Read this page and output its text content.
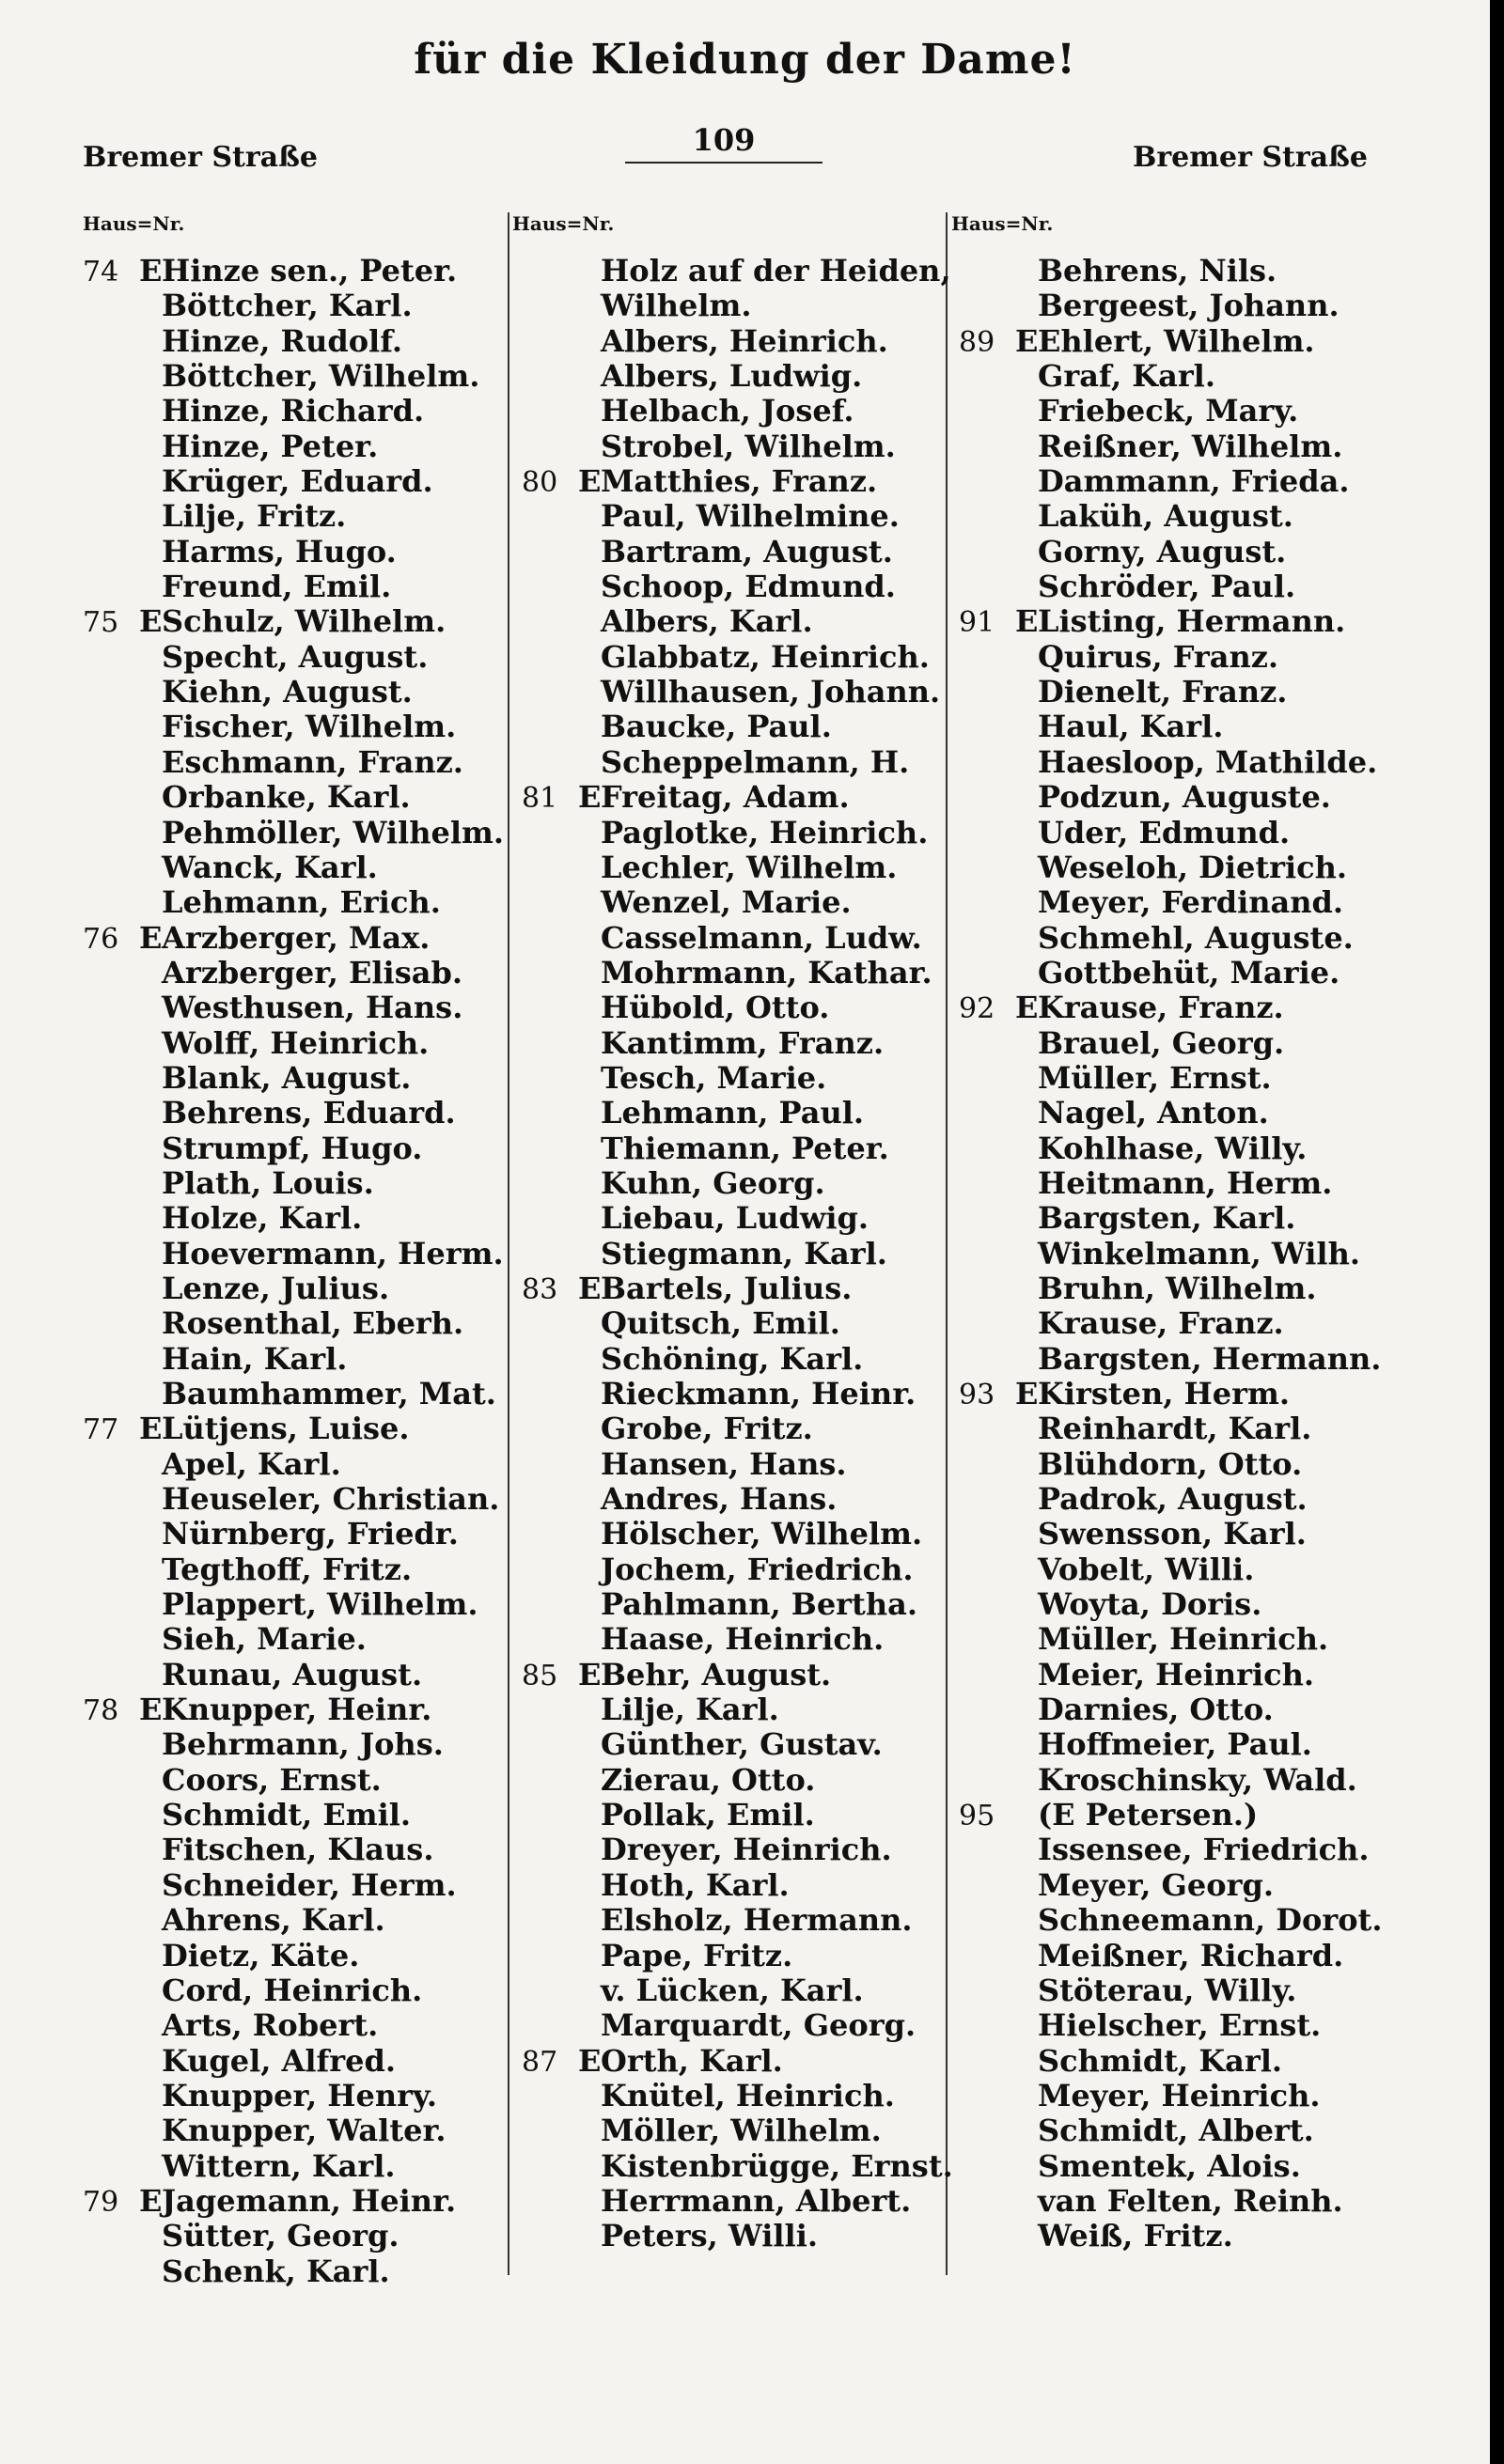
für die Kleidung der Dame!
Bremer Straße	109	Bremer Straße
Haus=Nr.	Haus=Nr.	Haus=Nr.
74 E Hinze sen., Peter.
Böttcher, Karl.
Hinze, Rudolf.
Böttcher, Wilhelm.
Hinze, Richard.
Hinze, Peter.
Krüger, Eduard.
Lilje, Fritz.
Harms, Hugo.
Freund, Emil.
75 E Schulz, Wilhelm.
Specht, August.
Kiehn, August.
Fischer, Wilhelm.
Eschmann, Franz.
Orbanke, Karl.
Pehmöller, Wilhelm.
Wanck, Karl.
Lehmann, Erich.
76 E Arzberger, Max.
Arzberger, Elisab.
Westhusen, Hans.
Wolff, Heinrich.
Blank, August.
Behrens, Eduard.
Strumpf, Hugo.
Plath, Louis.
Holze, Karl.
Hoevermann, Herm.
Lenze, Julius.
Rosenthal, Eberh.
Hain, Karl.
Baumhammer, Mat.
77 E Lütjens, Luise.
Apel, Karl.
Heuseler, Christian.
Nürnberg, Friedr.
Tegthoff, Fritz.
Plappert, Wilhelm.
Sieh, Marie.
Runau, August.
78 E Knupper, Heinr.
Behrmann, Johs.
Coors, Ernst.
Schmidt, Emil.
Fitschen, Klaus.
Schneider, Herm.
Ahrens, Karl.
Dietz, Käte.
Cord, Heinrich.
Arts, Robert.
Kugel, Alfred.
Knupper, Henry.
Knupper, Walter.
Wittern, Karl.
79 E Jagemann, Heinr.
Sütter, Georg.
Schenk, Karl.
Holz auf der Heiden,
Wilhelm.
Albers, Heinrich.
Albers, Ludwig.
Helbach, Josef.
Strobel, Wilhelm.
80 E Matthies, Franz.
Paul, Wilhelmine.
Bartram, August.
Schoop, Edmund.
Albers, Karl.
Glabbatz, Heinrich.
Willhausen, Johann.
Baucke, Paul.
Scheppelmann, H.
81 E Freitag, Adam.
Paglotke, Heinrich.
Lechler, Wilhelm.
Wenzel, Marie.
Casselmann, Ludw.
Mohrmann, Kathar.
Hübold, Otto.
Kantimm, Franz.
Tesch, Marie.
Lehmann, Paul.
Thiemann, Peter.
Kuhn, Georg.
Liebau, Ludwig.
Stiegmann, Karl.
83 E Bartels, Julius.
Quitsch, Emil.
Schöning, Karl.
Rieckmann, Heinr.
Grobe, Fritz.
Hansen, Hans.
Andres, Hans.
Hölscher, Wilhelm.
Jochem, Friedrich.
Pahlmann, Bertha.
Haase, Heinrich.
85 E Behr, August.
Lilje, Karl.
Günther, Gustav.
Zierau, Otto.
Pollak, Emil.
Dreyer, Heinrich.
Hoth, Karl.
Elsholz, Hermann.
Pape, Fritz.
v. Lücken, Karl.
Marquardt, Georg.
87 E Orth, Karl.
Knütel, Heinrich.
Möller, Wilhelm.
Kistenbrügge, Ernst.
Herrmann, Albert.
Peters, Willi.
Behrens, Nils.
Bergeest, Johann.
89 E Ehlert, Wilhelm.
Graf, Karl.
Friebeck, Mary.
Reißner, Wilhelm.
Dammann, Frieda.
Laküh, August.
Gorny, August.
Schröder, Paul.
91 E Listing, Hermann.
Quirus, Franz.
Dienelt, Franz.
Haul, Karl.
Haesloop, Mathilde.
Podzun, Auguste.
Uder, Edmund.
Weseloh, Dietrich.
Meyer, Ferdinand.
Schmehl, Auguste.
Gottbehüt, Marie.
92 E Krause, Franz.
Brauel, Georg.
Müller, Ernst.
Nagel, Anton.
Kohlhase, Willy.
Heitmann, Herm.
Bargsten, Karl.
Winkelmann, Wilh.
Bruhn, Wilhelm.
Krause, Franz.
Bargsten, Hermann.
93 E Kirsten, Herm.
Reinhardt, Karl.
Blühdorn, Otto.
Padrok, August.
Swensson, Karl.
Vobelt, Willi.
Woyta, Doris.
Müller, Heinrich.
Meier, Heinrich.
Darnies, Otto.
Hoffmeier, Paul.
Kroschinsky, Wald.
95	(E Petersen.)
Issensee, Friedrich.
Meyer, Georg.
Schneemann, Dorot.
Meißner, Richard.
Stöterau, Willy.
Hielscher, Ernst.
Schmidt, Karl.
Meyer, Heinrich.
Schmidt, Albert.
Smentek, Alois.
van Felten, Reinh.
Weiß, Fritz.
